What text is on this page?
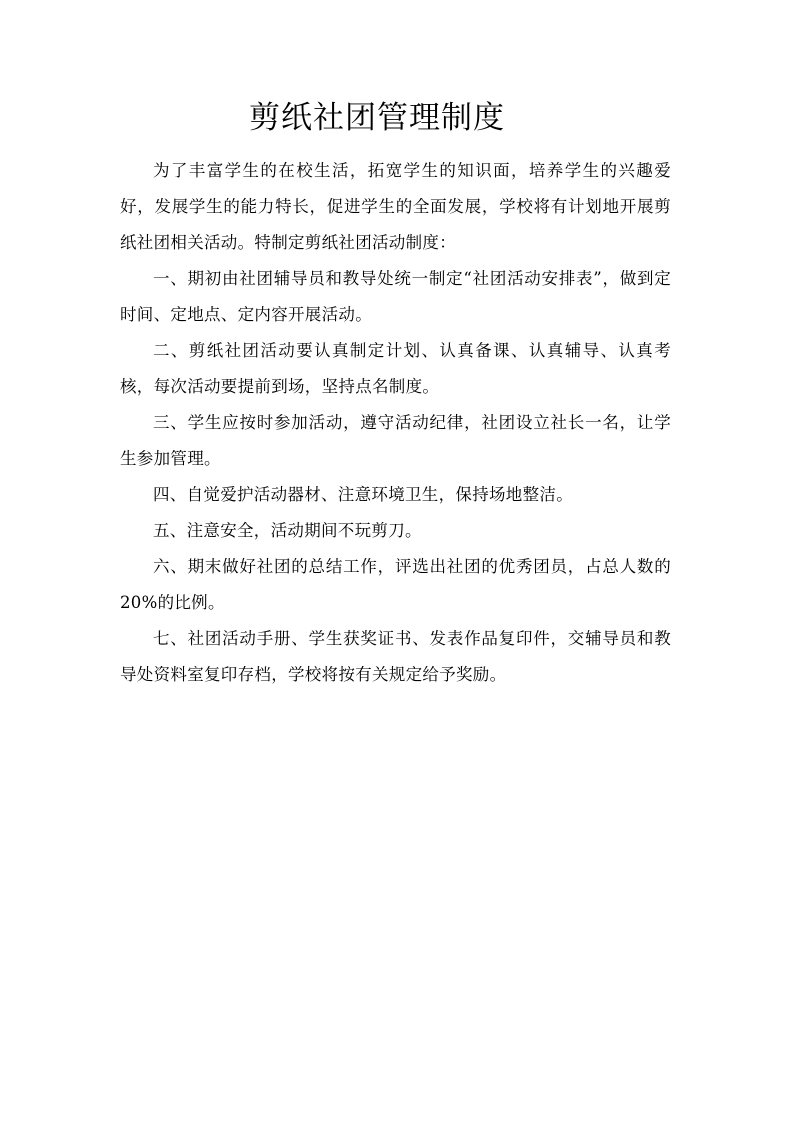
剪纸社团管理制度

为了丰富学生的在校生活，拓宽学生的知识面，培养学生的兴趣爱好，发展学生的能力特长，促进学生的全面发展，学校将有计划地开展剪纸社团相关活动。特制定剪纸社团活动制度：

一、期初由社团辅导员和教导处统一制定“社团活动安排表”，做到定时间、定地点、定内容开展活动。

二、剪纸社团活动要认真制定计划、认真备课、认真辅导、认真考核，每次活动要提前到场，坚持点名制度。

三、学生应按时参加活动，遵守活动纪律，社团设立社长一名，让学生参加管理。

四、自觉爱护活动器材、注意环境卫生，保持场地整洁。

五、注意安全，活动期间不玩剪刀。

六、期末做好社团的总结工作，评选出社团的优秀团员，占总人数的20%的比例。

七、社团活动手册、学生获奖证书、发表作品复印件，交辅导员和教导处资料室复印存档，学校将按有关规定给予奖励。
